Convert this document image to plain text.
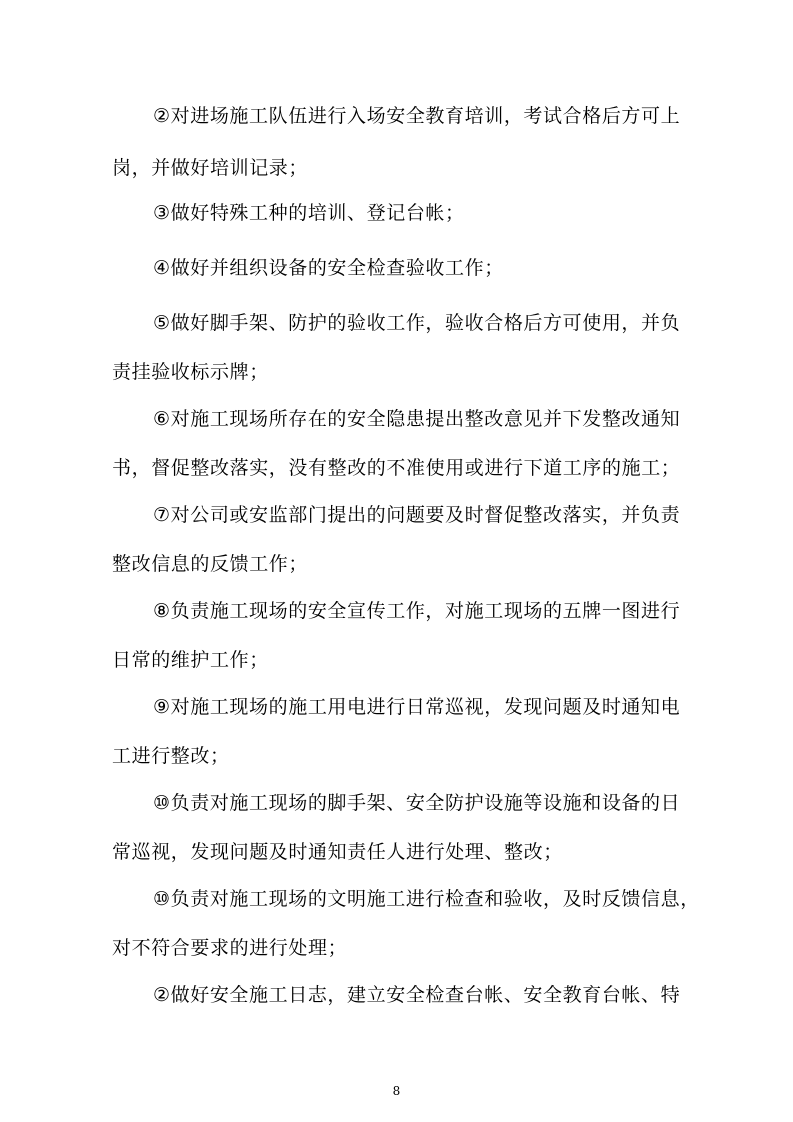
②对进场施工队伍进行入场安全教育培训，考试合格后方可上
岗，并做好培训记录；
③做好特殊工种的培训、登记台帐；
④做好并组织设备的安全检查验收工作；
⑤做好脚手架、防护的验收工作，验收合格后方可使用，并负
责挂验收标示牌；
⑥对施工现场所存在的安全隐患提出整改意见并下发整改通知
书，督促整改落实，没有整改的不准使用或进行下道工序的施工；
⑦对公司或安监部门提出的问题要及时督促整改落实，并负责
整改信息的反馈工作；
⑧负责施工现场的安全宣传工作，对施工现场的五牌一图进行
日常的维护工作；
⑨对施工现场的施工用电进行日常巡视，发现问题及时通知电
工进行整改；
⑩负责对施工现场的脚手架、安全防护设施等设施和设备的日
常巡视，发现问题及时通知责任人进行处理、整改；
⑩负责对施工现场的文明施工进行检查和验收，及时反馈信息，
对不符合要求的进行处理；
②做好安全施工日志，建立安全检查台帐、安全教育台帐、特
8
